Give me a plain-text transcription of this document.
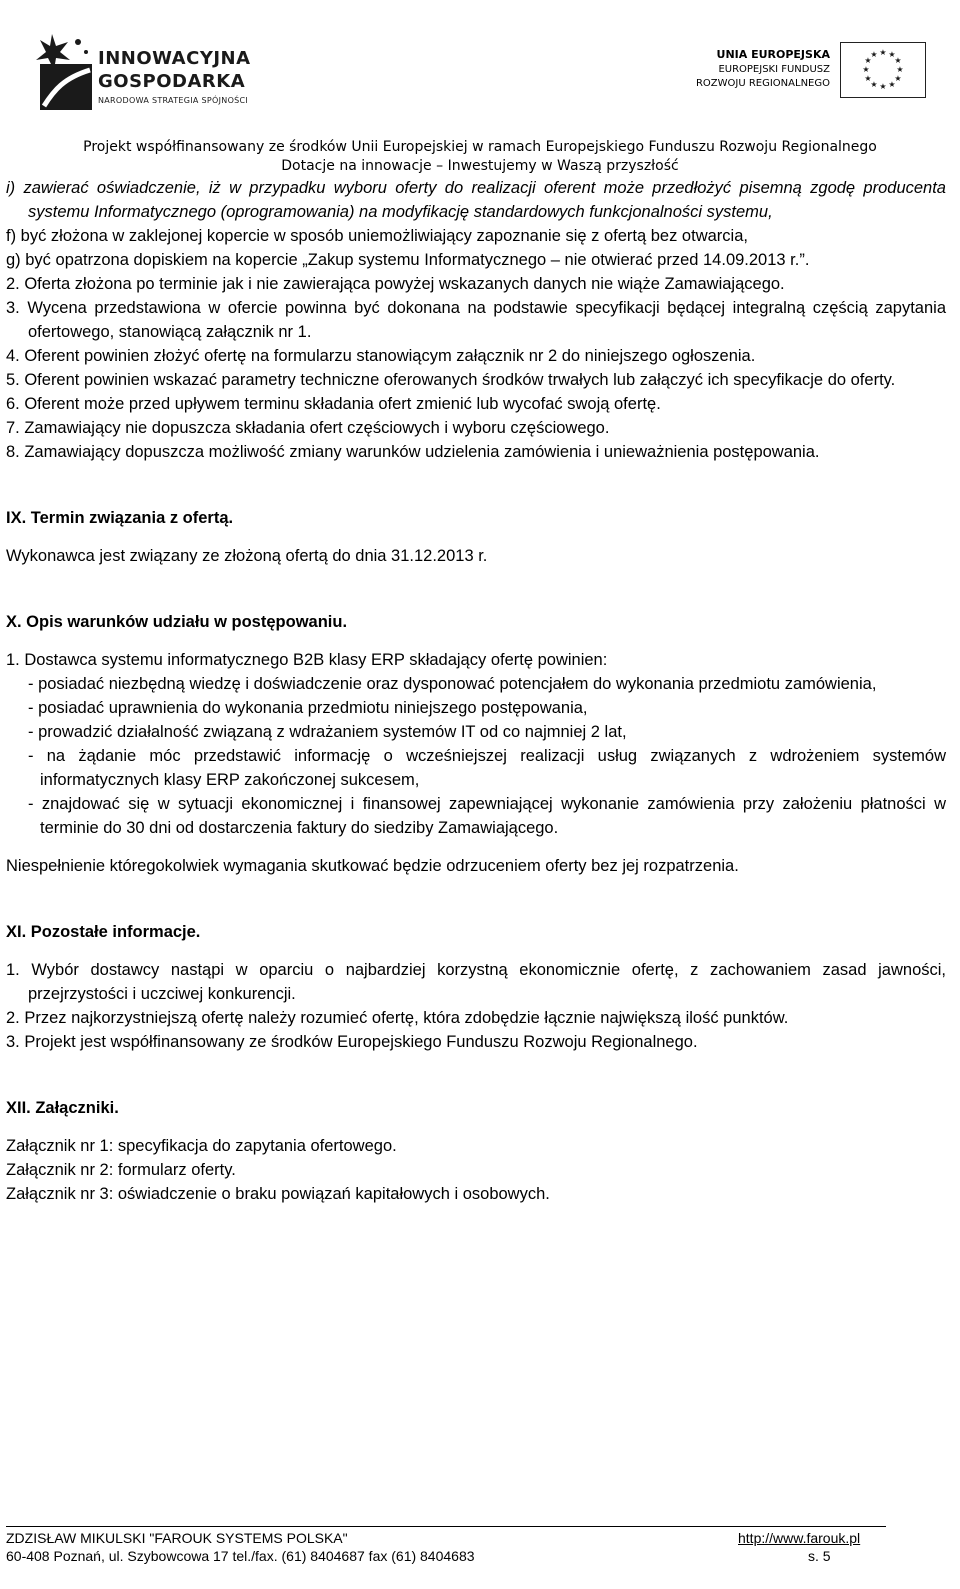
INNOWACYJNA
GOSPODARKA
NARODOWA STRATEGIA SPÓJNOŚCI
UNIA EUROPEJSKA
EUROPEJSKI FUNDUSZ
ROZWOJU REGIONALNEGO
★ ★
★
★
★
★
★
★
★
★
★
★
Projekt współfinansowany ze środków Unii Europejskiej w ramach Europejskiego Funduszu Rozwoju Regionalnego
Dotacje na innowacje – Inwestujemy w Waszą przyszłość

i) zawierać oświadczenie, iż w przypadku wyboru oferty do realizacji oferent może przedłożyć pisemną zgodę producenta systemu Informatycznego (oprogramowania) na modyfikację standardowych funkcjonalności systemu,

f) być złożona w zaklejonej kopercie w sposób uniemożliwiający zapoznanie się z ofertą bez otwarcia,

g) być opatrzona dopiskiem na kopercie „Zakup systemu Informatycznego – nie otwierać przed 14.09.2013 r.”.

2. Oferta złożona po terminie jak i nie zawierająca powyżej wskazanych danych nie wiąże Zamawiającego.

3. Wycena przedstawiona w ofercie powinna być dokonana na podstawie specyfikacji będącej integralną częścią zapytania ofertowego, stanowiącą załącznik nr 1.

4. Oferent powinien złożyć ofertę na formularzu stanowiącym załącznik nr 2 do niniejszego ogłoszenia.

5. Oferent powinien wskazać parametry techniczne oferowanych środków trwałych lub załączyć ich specyfikacje do oferty.

6. Oferent może przed upływem terminu składania ofert zmienić lub wycofać swoją ofertę.

7. Zamawiający nie dopuszcza składania ofert częściowych i wyboru częściowego.

8. Zamawiający dopuszcza możliwość zmiany warunków udzielenia zamówienia i unieważnienia postępowania.

IX. Termin związania z ofertą.

Wykonawca jest związany ze złożoną ofertą do dnia 31.12.2013 r.

X. Opis warunków udziału w postępowaniu.

1. Dostawca systemu informatycznego B2B klasy ERP składający ofertę powinien:

- posiadać niezbędną wiedzę i doświadczenie oraz dysponować potencjałem do wykonania przedmiotu zamówienia,

- posiadać uprawnienia do wykonania przedmiotu niniejszego postępowania,

- prowadzić działalność związaną z wdrażaniem systemów IT od co najmniej 2 lat,

- na żądanie móc przedstawić informację o wcześniejszej realizacji usług związanych z wdrożeniem systemów informatycznych klasy ERP zakończonej sukcesem,

- znajdować się w sytuacji ekonomicznej i finansowej zapewniającej wykonanie zamówienia przy założeniu płatności w terminie do 30 dni od dostarczenia faktury do siedziby Zamawiającego.

Niespełnienie któregokolwiek wymagania skutkować będzie odrzuceniem oferty bez jej rozpatrzenia.

XI. Pozostałe informacje.

1. Wybór dostawcy nastąpi w oparciu o najbardziej korzystną ekonomicznie ofertę, z zachowaniem zasad jawności, przejrzystości i uczciwej konkurencji.

2. Przez najkorzystniejszą ofertę należy rozumieć ofertę, która zdobędzie łącznie największą ilość punktów.

3. Projekt jest współfinansowany ze środków Europejskiego Funduszu Rozwoju Regionalnego.

XII. Załączniki.

Załącznik nr 1: specyfikacja do zapytania ofertowego.

Załącznik nr 2: formularz oferty.

Załącznik nr 3: oświadczenie o braku powiązań kapitałowych i osobowych.

ZDZISŁAW MIKULSKI "FAROUK SYSTEMS POLSKA"
60-408 Poznań, ul. Szybowcowa 17 tel./fax. (61) 8404687 fax (61) 8404683
http://www.farouk.pl
s. 5
